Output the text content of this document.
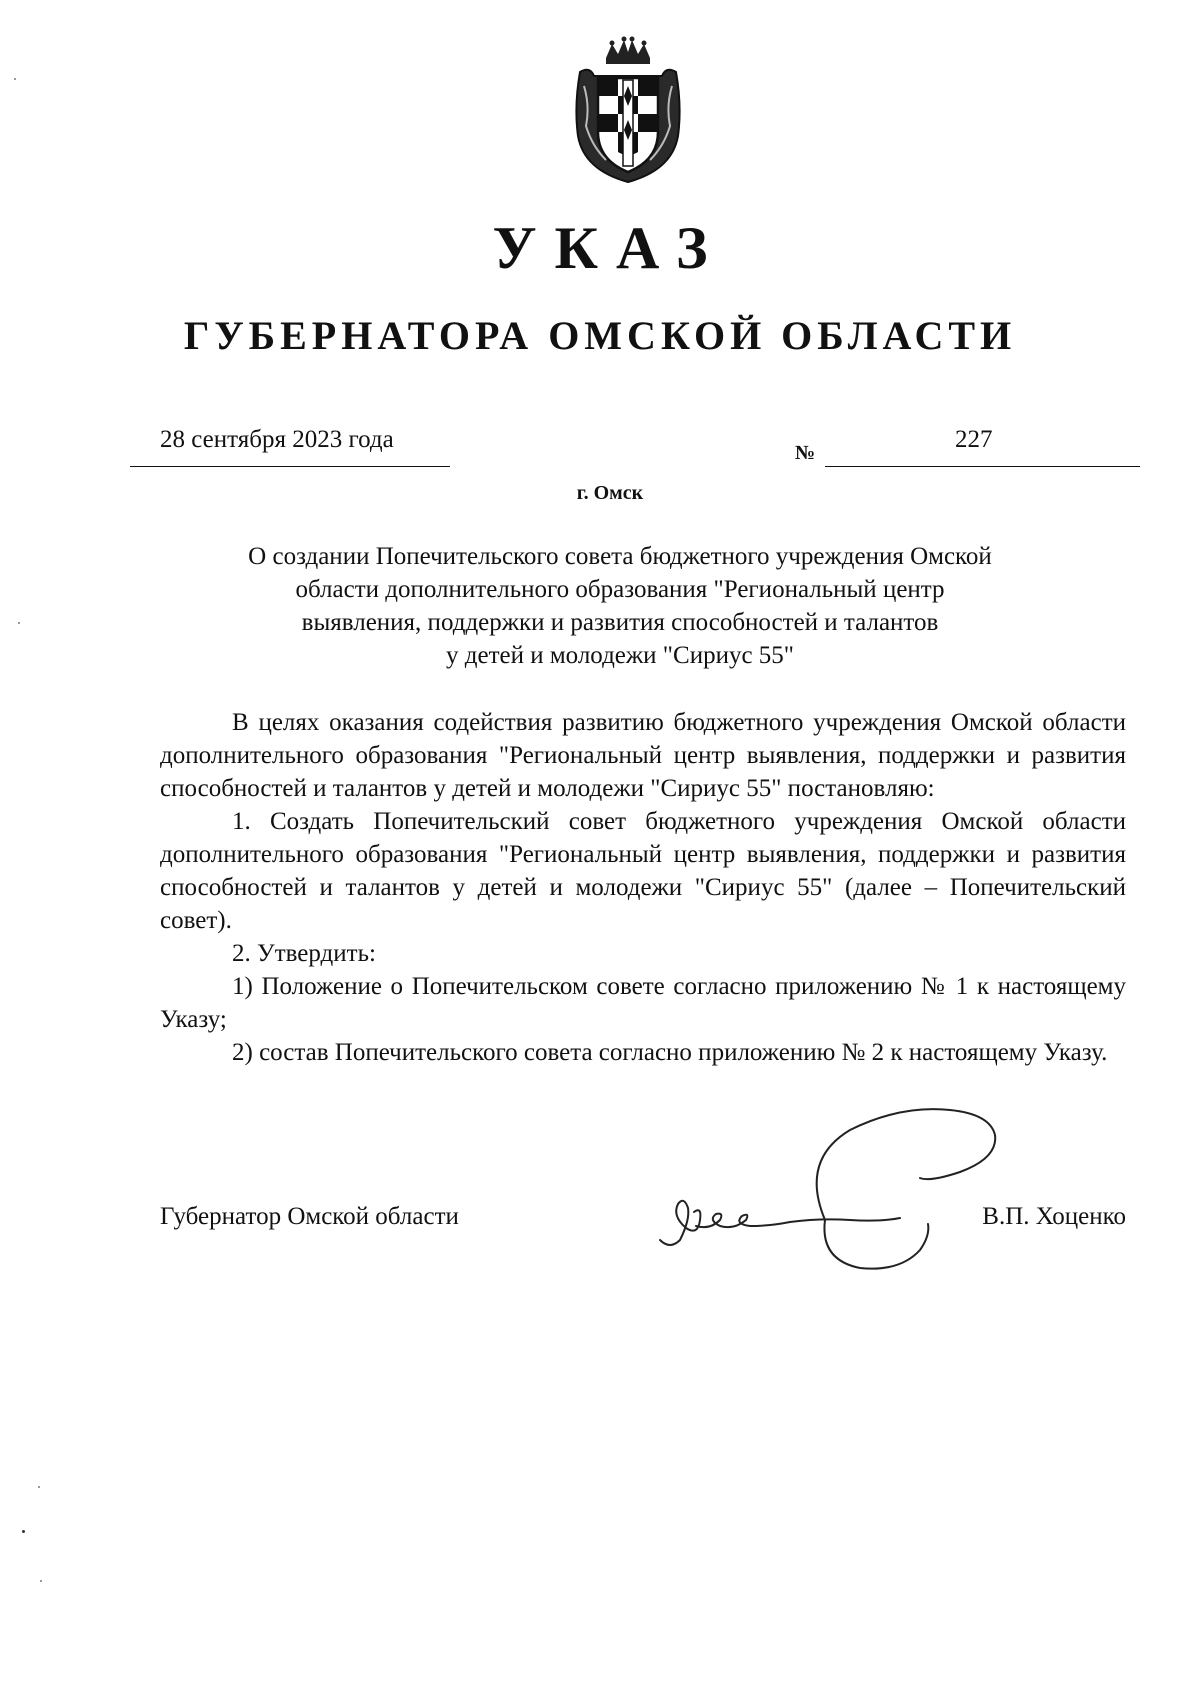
УКАЗ
ГУБЕРНАТОРА ОМСКОЙ ОБЛАСТИ
28 сентября 2023 года	№	227
г. Омск
О создании Попечительского совета бюджетного учреждения Омской
области дополнительного образования "Региональный центр
выявления, поддержки и развития способностей и талантов
у детей и молодежи "Сириус 55"

В целях оказания содействия развитию бюджетного учреждения Омской области дополнительного образования "Региональный центр выявления, поддержки и развития способностей и талантов у детей и молодежи "Сириус 55" постановляю:

1. Создать Попечительский совет бюджетного учреждения Омской области дополнительного образования "Региональный центр выявления, поддержки и развития способностей и талантов у детей и молодежи "Сириус 55" (далее – Попечительский совет).

2. Утвердить:

1) Положение о Попечительском совете согласно приложению № 1 к настоящему Указу;

2) состав Попечительского совета согласно приложению № 2 к настоящему Указу.

Губернатор Омской области	В.П. Хоценко
